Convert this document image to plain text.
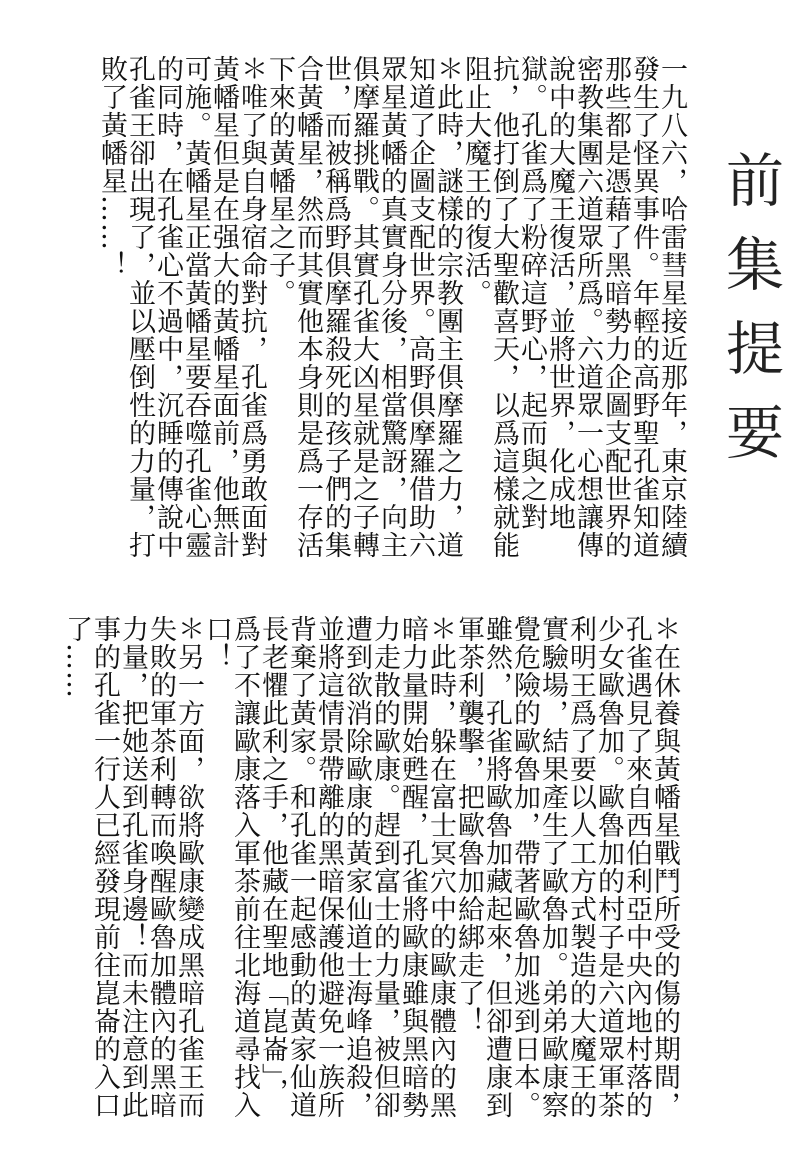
前集提要

一九八六，哈雷彗星接近那年，東京陸續發生了怪異事件。年輕的高野聖孔雀知道那些都是憑藉了黑暗勢力企圖支配世界的密教集團六道眾所爲。六道眾一心想讓傳說中的大魔王復活，並將世界，化成地獄。孔雀爲了粉碎這野心，起而與之對抗，他打倒了大聖歡喜天，以爲這樣就能阻止大魔王的復活。

＊此時，謎樣的宗教團主俱摩羅之力，道知道了企圖支配世界。高野俱摩羅借助六眾星黃幡的真實身分後，相當驚訝，向主俱摩羅挑戰。其實孔雀大凶星就是之子轉世，而被稱爲野俱摩羅殺死的孩子們的集合黃幡星，然而其實他本身則是爲一存活下來的黃幡星之子。

＊唯了與自身宿命對抗，孔雀爲勇敢面對黃幡星但是在强大的黃幡星面前，他無計可施。黃幡星正當黃幡星要吞噬孔雀心靈的同時，在孔雀心不過中，沉睡的傳說中孔雀王卻出現了，並以壓倒性的力量，打敗了黃幡星……！

＊在休養與黃幡星戰鬥所受的傷的期間，孔雀遇見了來自西伯利亞中央內地村落的少女歐魯加。歐魯加的村子是六道眾軍茶利明王爲了要以人工方式製造的大魔王的實驗場，結果產生了歐魯加。弟弟歐康察覺危險的歐魯加，帶著歐魯加逃到日本。雖然，孔雀將歐魯加藏起來，但卻遭康到軍茶利襲擊，把歐魯加給綁走了！

＊此時，躲在富士冥穴中的歐康體內的黑暗力量開始甦醒，孔雀將歐康雖與黑暗勢力走散的歐康。趕到富士的力量，被但卻遭到欲消除歐康的黃家仙道士海峰追殺，並將這情景帶離的黑暗保護他避免一族所背棄了黃家。和孔雀一起感動的黃家仙道長老懼此利之手，他藏在聖地「崑崙」，爲了不讓歐康落入軍茶前往北海道尋找入口！

＊另一方面，欲將歐康變成黑暗孔雀王而失敗的軍茶利轉而喚醒歐魯加體內的黑暗力量，把她送到孔雀身邊！而未注意到此事的孔雀一行人已經發現前往崑崙的入口了……
